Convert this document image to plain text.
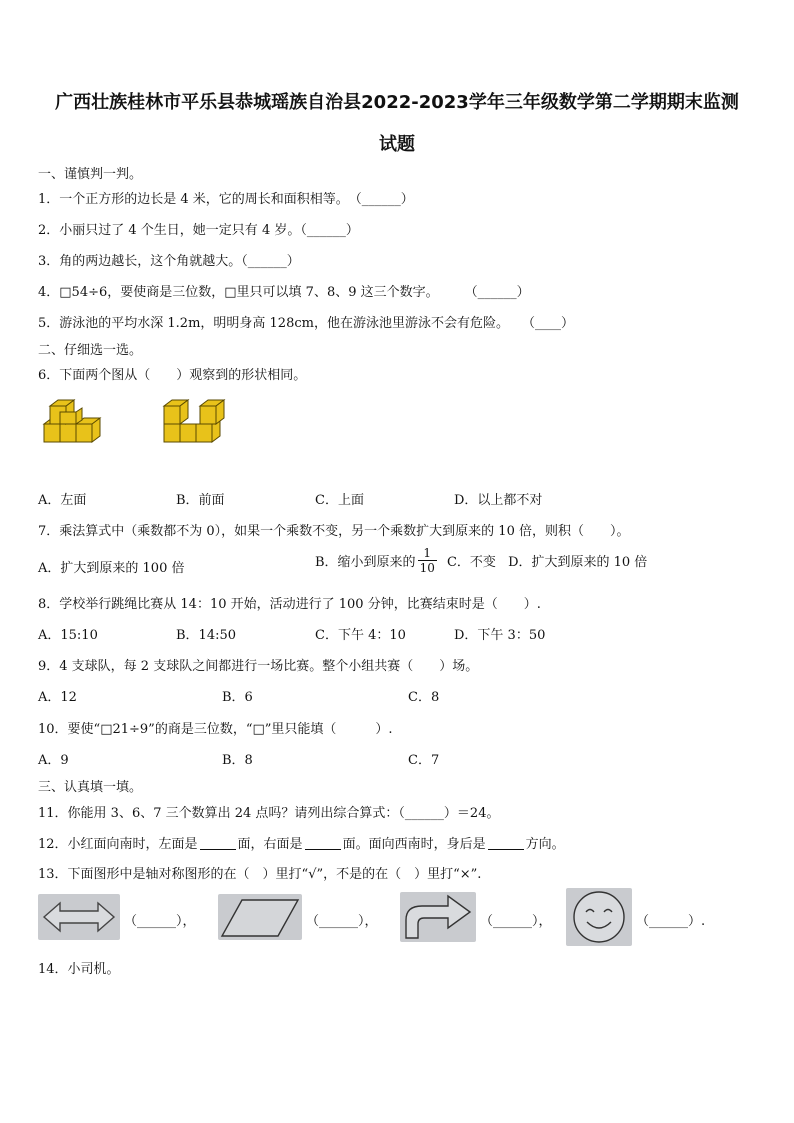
广西壮族桂林市平乐县恭城瑶族自治县2022-2023学年三年级数学第二学期期末监测
试题
一、谨慎判一判。
1．一个正方形的边长是 4 米，它的周长和面积相等。　（______）
2．小丽只过了 4 个生日，她一定只有 4 岁。（______）
3．角的两边越长，这个角就越大。（______）
4．□54÷6，要使商是三位数，□里只可以填 7、8、9 这三个数字。　　　（______）
5．游泳池的平均水深 1.2m，明明身高 128cm，他在游泳池里游泳不会有危险。　　（____）
二、仔细选一选。
6．下面两个图从（　　）观察到的形状相同。
A．左面	B．前面	C．上面	D．以上都不对
7．乘法算式中（乘数都不为 0），如果一个乘数不变，另一个乘数扩大到原来的 10 倍，则积（　　）。
A．扩大到原来的 100 倍	B．缩小到原来的 $\frac{1}{10}$ C．不变 D．扩大到原来的 10 倍
8．学校举行跳绳比赛从 14：10 开始，活动进行了 100 分钟，比赛结束时是（　　）.
A．15:10	B．14:50	C．下午 4：10	D．下午 3：50
9．4 支球队，每 2 支球队之间都进行一场比赛。整个小组共赛（　　）场。
A．12	B．6	C．8
10．要使“□21÷9”的商是三位数，“□”里只能填（　　　）.
A．9	B．8	C．7
三、认真填一填。
11．你能用 3、6、7 三个数算出 24 点吗？请列出综合算式：（______）＝24。
12．小红面向南时，左面是	面，右面是	面。面向西南时，身后是	方向。
13．下面图形中是轴对称图形的在（　）里打“√”，不是的在（　）里打“×”.
（______），	（______），	（______），	（______）.
14．小司机。
